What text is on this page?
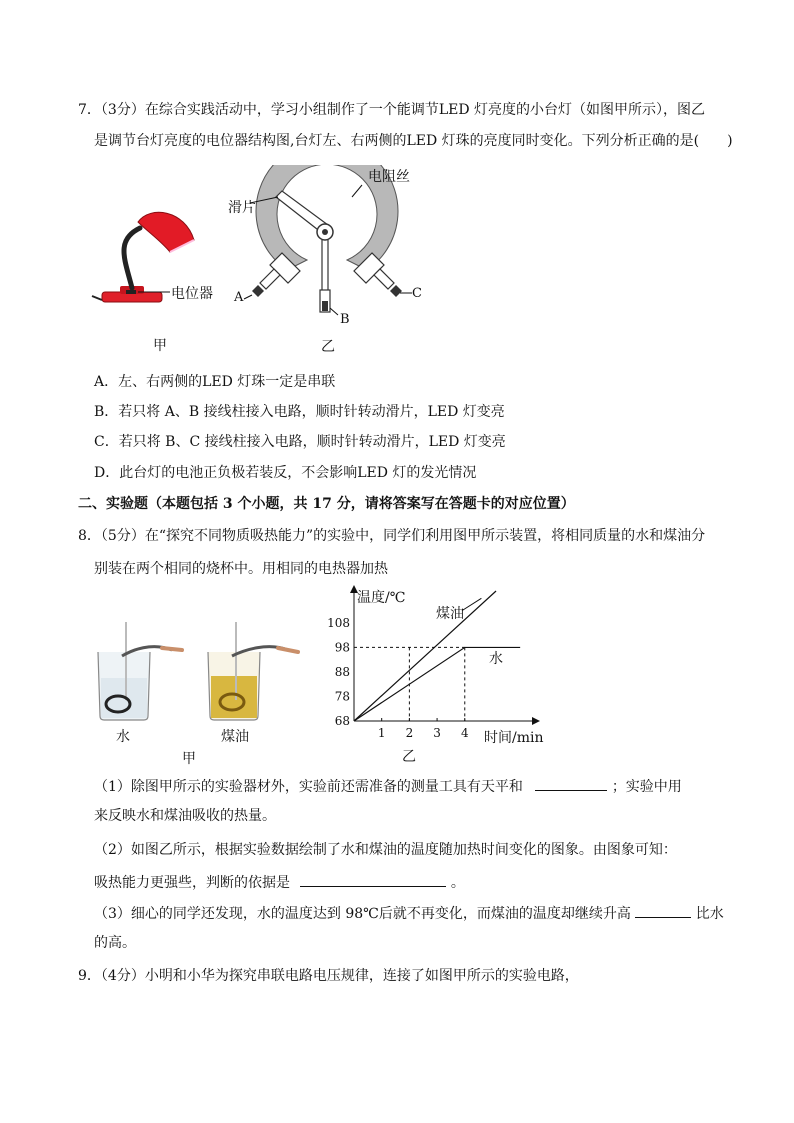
7．（3分）在综合实践活动中，学习小组制作了一个能调节LED 灯亮度的小台灯（如图甲所示），图乙
是调节台灯亮度的电位器结构图,台灯左、右两侧的LED 灯珠的亮度同时变化。下列分析正确的是(　　)
电位器
甲
电阻丝
滑片
A
B
C
乙
A．左、右两侧的LED 灯珠一定是串联
B．若只将 A、B 接线柱接入电路，顺时针转动滑片，LED 灯变亮
C．若只将 B、C 接线柱接入电路，顺时针转动滑片，LED 灯变亮
D．此台灯的电池正负极若装反，不会影响LED 灯的发光情况
二、实验题（本题包括 3 个小题，共 17 分，请将答案写在答题卡的对应位置）
8．（5分）在“探究不同物质吸热能力”的实验中，同学们利用图甲所示装置，将相同质量的水和煤油分
别装在两个相同的烧杯中。用相同的电热器加热
水	煤油
甲
68
78
88
98
108
1 2 3 4
温度/℃
时间/min
乙
煤油
水
（1）除图甲所示的实验器材外，实验前还需准备的测量工具有天平和	；实验中用
来反映水和煤油吸收的热量。
（2）如图乙所示，根据实验数据绘制了水和煤油的温度随加热时间变化的图象。由图象可知：
吸热能力更强些，判断的依据是	。
（3）细心的同学还发现，水的温度达到 98℃后就不再变化，而煤油的温度却继续升高	比水
的高。
9．（4分）小明和小华为探究串联电路电压规律，连接了如图甲所示的实验电路，
